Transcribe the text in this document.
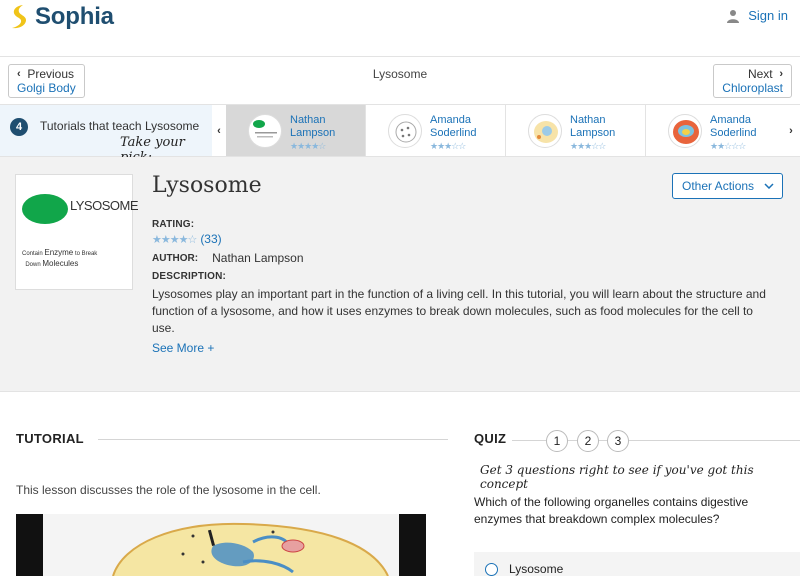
Sophia	Sign in
‹
Previous
Golgi Body
Lysosome	Next
›
Chloroplast
4	Tutorials that teach Lysosome
Take your
‹
Nathan
Lampson
★★★★☆
Amanda
Soderlind
★★★☆☆
Nathan
Lampson
★★★☆☆
Amanda
Soderlind
★★☆☆☆
›
LYSOSOME
Contain Enzyme to Break
Down Molecules
Lysosome	Other Actions
RATING:
★★★★☆ (33)
AUTHOR: Nathan Lampson
DESCRIPTION:
Lysosomes play an important part in the function of a living cell. In this tutorial, you will learn about the structure and function of a lysosome, and how it uses enzymes to break down molecules, such as food molecules for the cell to use.
See More +
TUTORIAL
This lesson discusses the role of the lysosome in the cell.
QUIZ	1	2	3
Get 3 questions right to see if you've got this concept
Which of the following organelles contains digestive enzymes that breakdown complex molecules?
Lysosome
